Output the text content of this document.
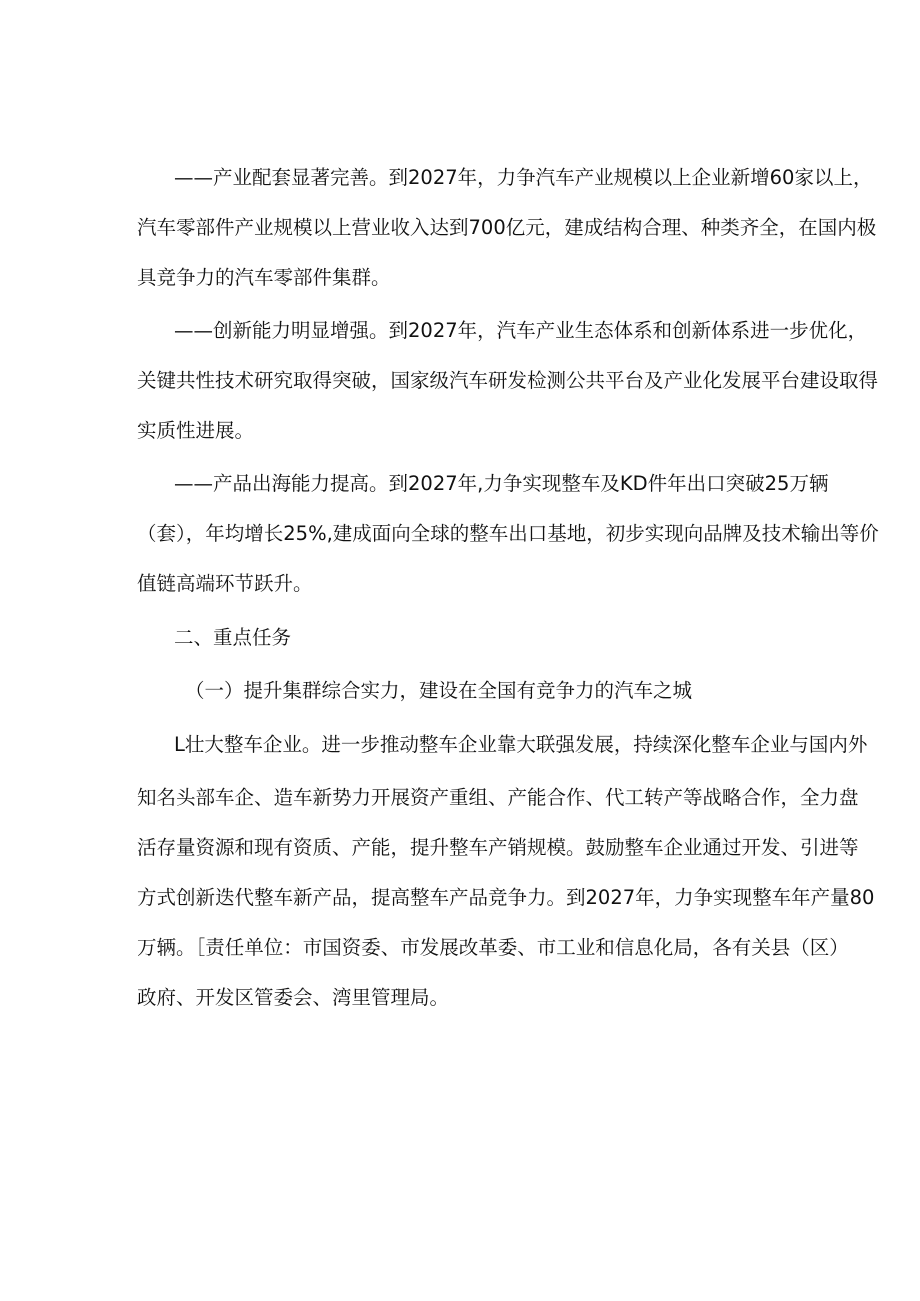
——产业配套显著完善。到2027年，力争汽车产业规模以上企业新增60家以上，

汽车零部件产业规模以上营业收入达到700亿元，建成结构合理、种类齐全，在国内极

具竞争力的汽车零部件集群。

——创新能力明显增强。到2027年，汽车产业生态体系和创新体系进一步优化，

关键共性技术研究取得突破，国家级汽车研发检测公共平台及产业化发展平台建设取得

实质性进展。

——产品出海能力提高。到2027年,力争实现整车及KD件年出口突破25万辆

（套），年均增长25%,建成面向全球的整车出口基地，初步实现向品牌及技术输出等价

值链高端环节跃升。

二、重点任务

（一）提升集群综合实力，建设在全国有竞争力的汽车之城

L壮大整车企业。进一步推动整车企业靠大联强发展，持续深化整车企业与国内外

知名头部车企、造车新势力开展资产重组、产能合作、代工转产等战略合作，全力盘

活存量资源和现有资质、产能，提升整车产销规模。鼓励整车企业通过开发、引进等

方式创新迭代整车新产品，提高整车产品竞争力。到2027年，力争实现整车年产量80

万辆。［责任单位：市国资委、市发展改革委、市工业和信息化局，各有关县（区）

政府、开发区管委会、湾里管理局。
